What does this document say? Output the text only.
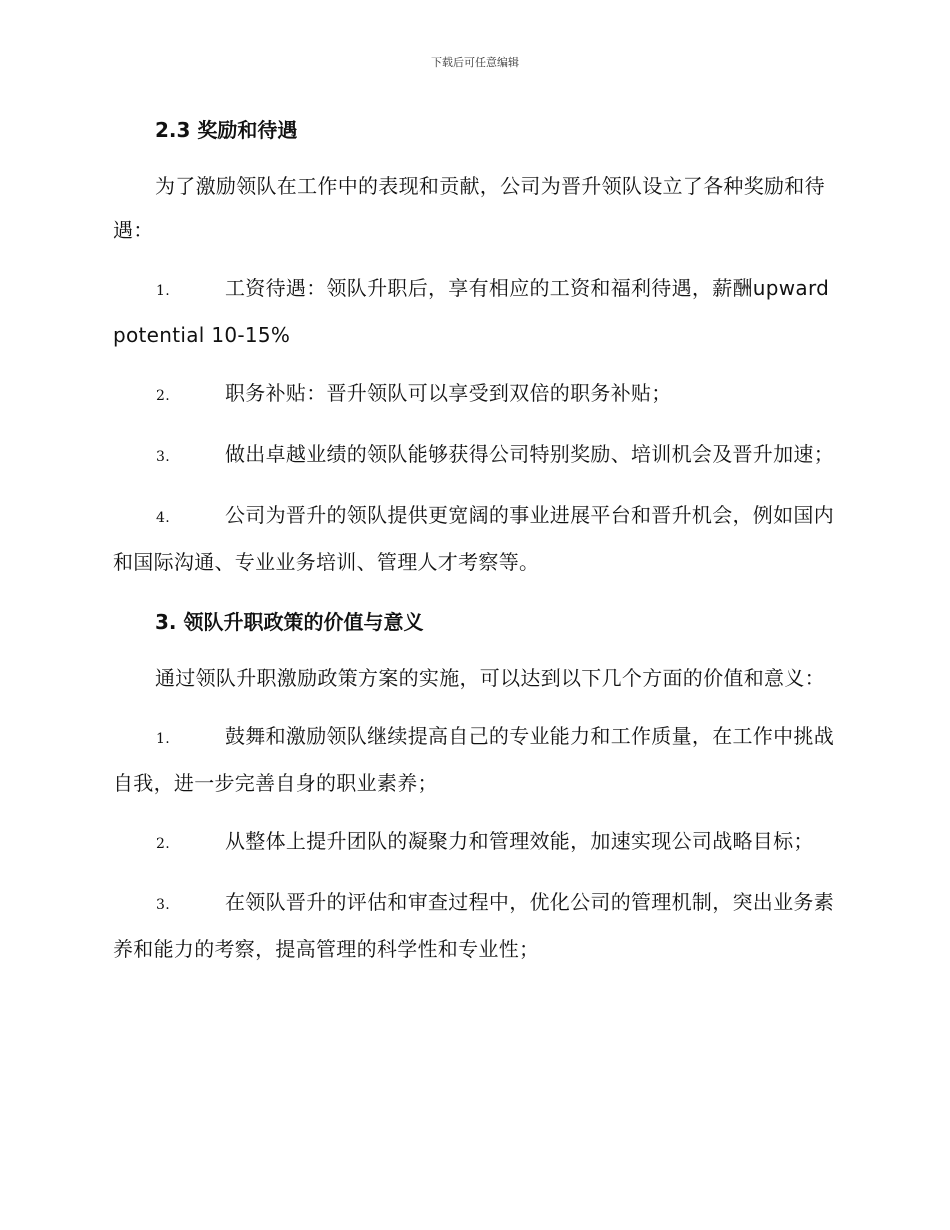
下载后可任意编辑
2.3 奖励和待遇

为了激励领队在工作中的表现和贡献，公司为晋升领队设立了各种奖励和待遇：

1.	工资待遇：领队升职后，享有相应的工资和福利待遇，薪酬upward potential 10-15%
2.	职务补贴：晋升领队可以享受到双倍的职务补贴；
3.	做出卓越业绩的领队能够获得公司特别奖励、培训机会及晋升加速；
4.	公司为晋升的领队提供更宽阔的事业进展平台和晋升机会，例如国内和国际沟通、专业业务培训、管理人才考察等。
3. 领队升职政策的价值与意义

通过领队升职激励政策方案的实施，可以达到以下几个方面的价值和意义：

1.	鼓舞和激励领队继续提高自己的专业能力和工作质量，在工作中挑战自我，进一步完善自身的职业素养；
2.	从整体上提升团队的凝聚力和管理效能，加速实现公司战略目标；
3.	在领队晋升的评估和审查过程中，优化公司的管理机制，突出业务素养和能力的考察，提高管理的科学性和专业性；
